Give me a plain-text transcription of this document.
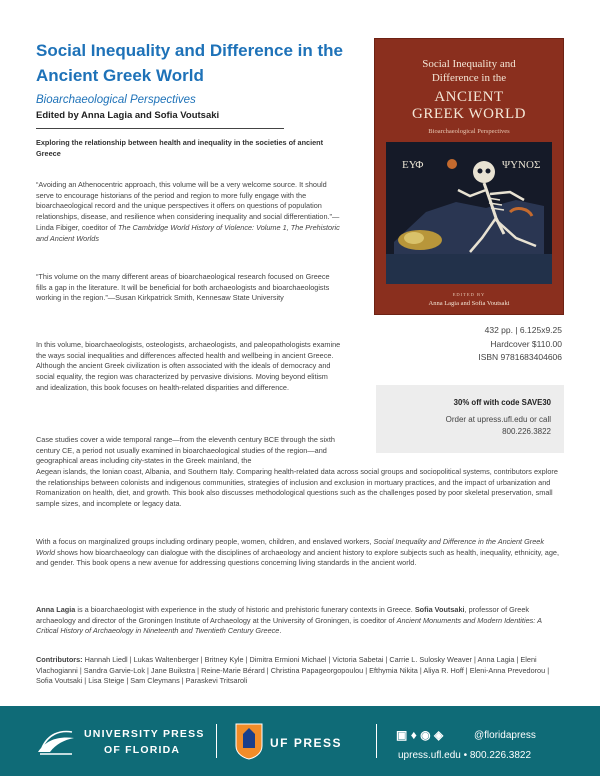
Social Inequality and Difference in the Ancient Greek World
Bioarchaeological Perspectives
Edited by Anna Lagia and Sofia Voutsaki
Exploring the relationship between health and inequality in the societies of ancient Greece

“Avoiding an Athenocentric approach, this volume will be a very welcome source. It should serve to encourage historians of the period and region to more fully engage with the bioarchaeological record and the unique perspectives it offers on questions of population relationships, disease, and resilience when considering inequality and social differentiation.”—Linda Fibiger, coeditor of The Cambridge World History of Violence: Volume 1, The Prehistoric and Ancient Worlds

“This volume on the many different areas of bioarchaeological research focused on Greece fills a gap in the literature. It will be beneficial for both archaeologists and bioarchaeologists working in the region.”—Susan Kirkpatrick Smith, Kennesaw State University

In this volume, bioarchaeologists, osteologists, archaeologists, and paleopathologists examine the ways social inequalities and differences affected health and wellbeing in ancient Greece. Although the ancient Greek civilization is often associated with the ideals of democracy and social equality, the region was characterized by pervasive divisions. Moving beyond elitism and idealization, this book focuses on health-related disparities and difference.

Case studies cover a wide temporal range—from the eleventh century BCE through the sixth century CE, a period not usually examined in bioarchaeological studies of the region—and geographical areas including city-states in the Greek mainland, the

Aegean islands, the Ionian coast, Albania, and Southern Italy. Comparing health-related data across social groups and sociopolitical systems, contributors explore the relationships between colonists and indigenous communities, strategies of inclusion and exclusion in mortuary practices, and the impact of urbanization and Romanization on health, diet, and growth. This book also discusses methodological questions such as the challenges posed by poor skeletal preservation, small sample sizes, and incomplete or legacy data.

With a focus on marginalized groups including ordinary people, women, children, and enslaved workers, Social Inequality and Difference in the Ancient Greek World shows how bioarchaeology can dialogue with the disciplines of archaeology and ancient history to explore subjects such as health, inequality, ethnicity, age, and gender. This book opens a new avenue for addressing questions concerning living standards in the ancient world.

Anna Lagia is a bioarchaeologist with experience in the study of historic and prehistoric funerary contexts in Greece. Sofia Voutsaki, professor of Greek archaeology and director of the Groningen Institute of Archaeology at the University of Groningen, is coeditor of Ancient Monuments and Modern Identities: A Critical History of Archaeology in Nineteenth and Twentieth Century Greece.

Contributors: Hannah Liedl | Lukas Waltenberger | Britney Kyle | Dimitra Ermioni Michael | Victoria Sabetai | Carrie L. Sulosky Weaver | Anna Lagia | Eleni Vlachogianni | Sandra Garvie-Lok | Jane Buikstra | Reine-Marie Bérard | Christina Papageorgopoulou | Efthymia Nikita | Aliya R. Hoff | Eleni-Anna Prevedorou | Sofia Voutsaki | Lisa Steige | Sam Cleymans | Paraskevi Tritsaroli

Social Inequality and
Difference in the
ANCIENT
GREEK WORLD
Bioarchaeological Perspectives
ΕΥΦ	ΨΥΝΟΣ
EDITED BY
Anna Lagia and Sofia Voutsaki
432 pp. | 6.125x9.25
Hardcover $110.00
ISBN 9781683404606
30% off with code SAVE30
Order at upress.ufl.edu or call
800.226.3822
UNIVERSITY PRESS
OF FLORIDA	UF PRESS
▣ ♦ ◉ ◈	@floridapress
upress.ufl.edu • 800.226.3822
